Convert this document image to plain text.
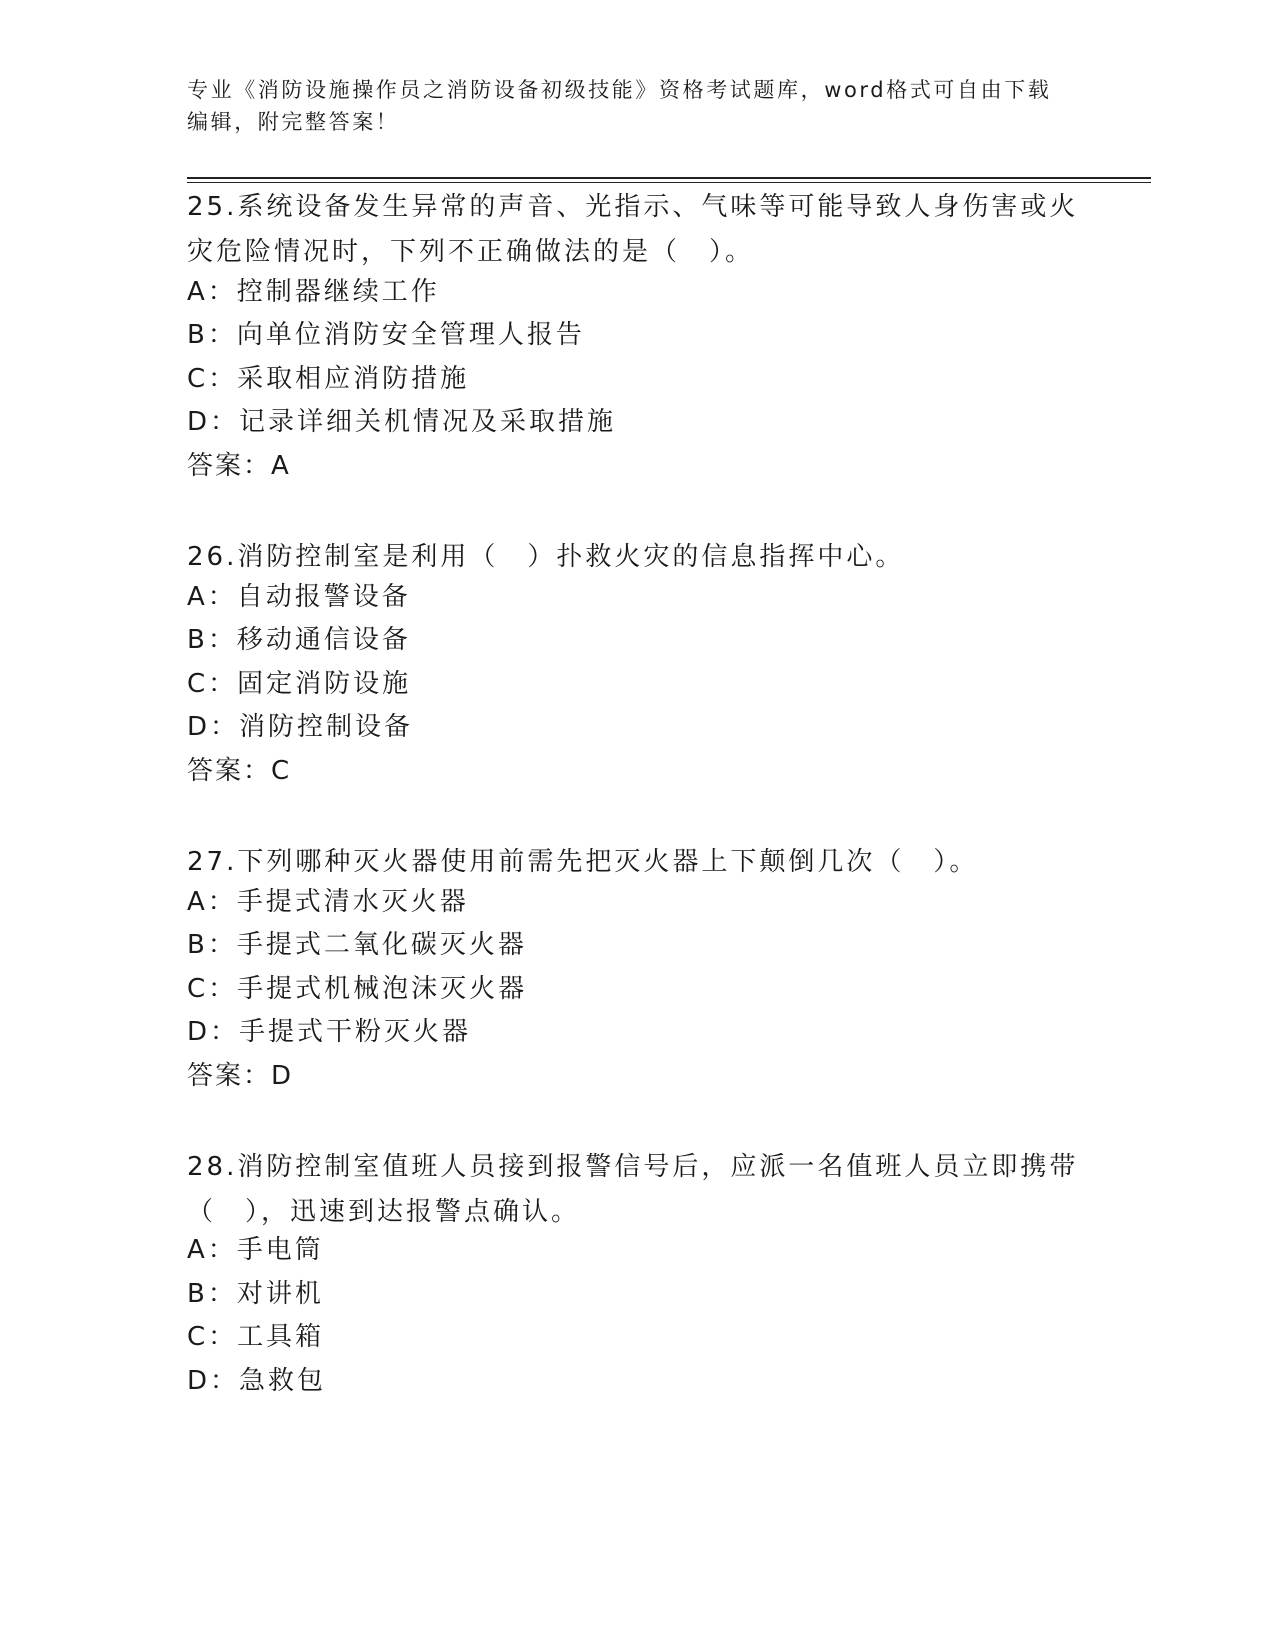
专业《消防设施操作员之消防设备初级技能》资格考试题库，word格式可自由下载编辑，附完整答案！

25.系统设备发生异常的声音、光指示、气味等可能导致人身伤害或火灾危险情况时，下列不正确做法的是（　）。

A：控制器继续工作
B：向单位消防安全管理人报告
C：采取相应消防措施
D：记录详细关机情况及采取措施
答案：A

26.消防控制室是利用（　）扑救火灾的信息指挥中心。

A：自动报警设备
B：移动通信设备
C：固定消防设施
D：消防控制设备
答案：C

27.下列哪种灭火器使用前需先把灭火器上下颠倒几次（　）。

A：手提式清水灭火器
B：手提式二氧化碳灭火器
C：手提式机械泡沫灭火器
D：手提式干粉灭火器
答案：D

28.消防控制室值班人员接到报警信号后，应派一名值班人员立即携带（　），迅速到达报警点确认。

A：手电筒
B：对讲机
C：工具箱
D：急救包
